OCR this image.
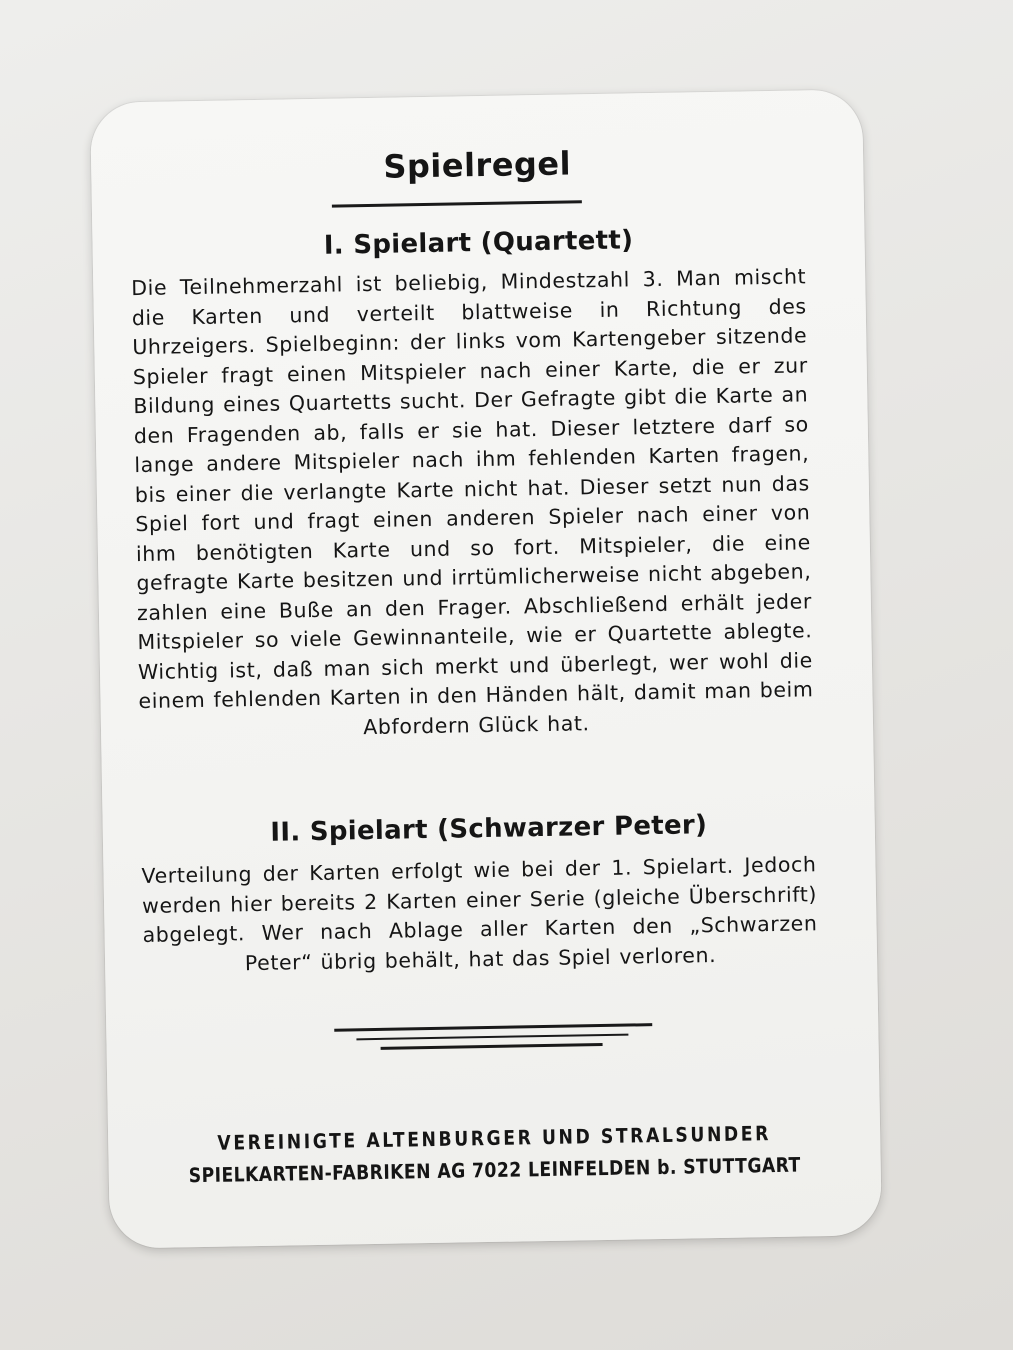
Spielregel
I. Spielart (Quartett)
Die Teilnehmerzahl ist beliebig, Mindestzahl 3. Man mischt die Karten und verteilt blattweise in Richtung des Uhrzeigers. Spielbeginn: der links vom Kartengeber sitzende Spieler fragt einen Mitspieler nach einer Karte, die er zur Bildung eines Quartetts sucht. Der Gefragte gibt die Karte an den Fragenden ab, falls er sie hat. Dieser letztere darf so lange andere Mitspieler nach ihm fehlenden Karten fragen, bis einer die verlangte Karte nicht hat. Dieser setzt nun das Spiel fort und fragt einen anderen Spieler nach einer von ihm benötigten Karte und so fort. Mitspieler, die eine gefragte Karte besitzen und irrtümlicherweise nicht abgeben, zahlen eine Buße an den Frager. Abschließend erhält jeder Mitspieler so viele Gewinnanteile, wie er Quartette ablegte. Wichtig ist, daß man sich merkt und überlegt, wer wohl die einem fehlenden Karten in den Händen hält, damit man beim Abfordern Glück hat.
II. Spielart (Schwarzer Peter)
Verteilung der Karten erfolgt wie bei der 1. Spielart. Jedoch werden hier bereits 2 Karten einer Serie (gleiche Überschrift) abgelegt. Wer nach Ablage aller Karten den „Schwarzen Peter“ übrig behält, hat das Spiel verloren.
VEREINIGTE ALTENBURGER UND STRALSUNDER
SPIELKARTEN-FABRIKEN AG 7022 LEINFELDEN b. STUTTGART
